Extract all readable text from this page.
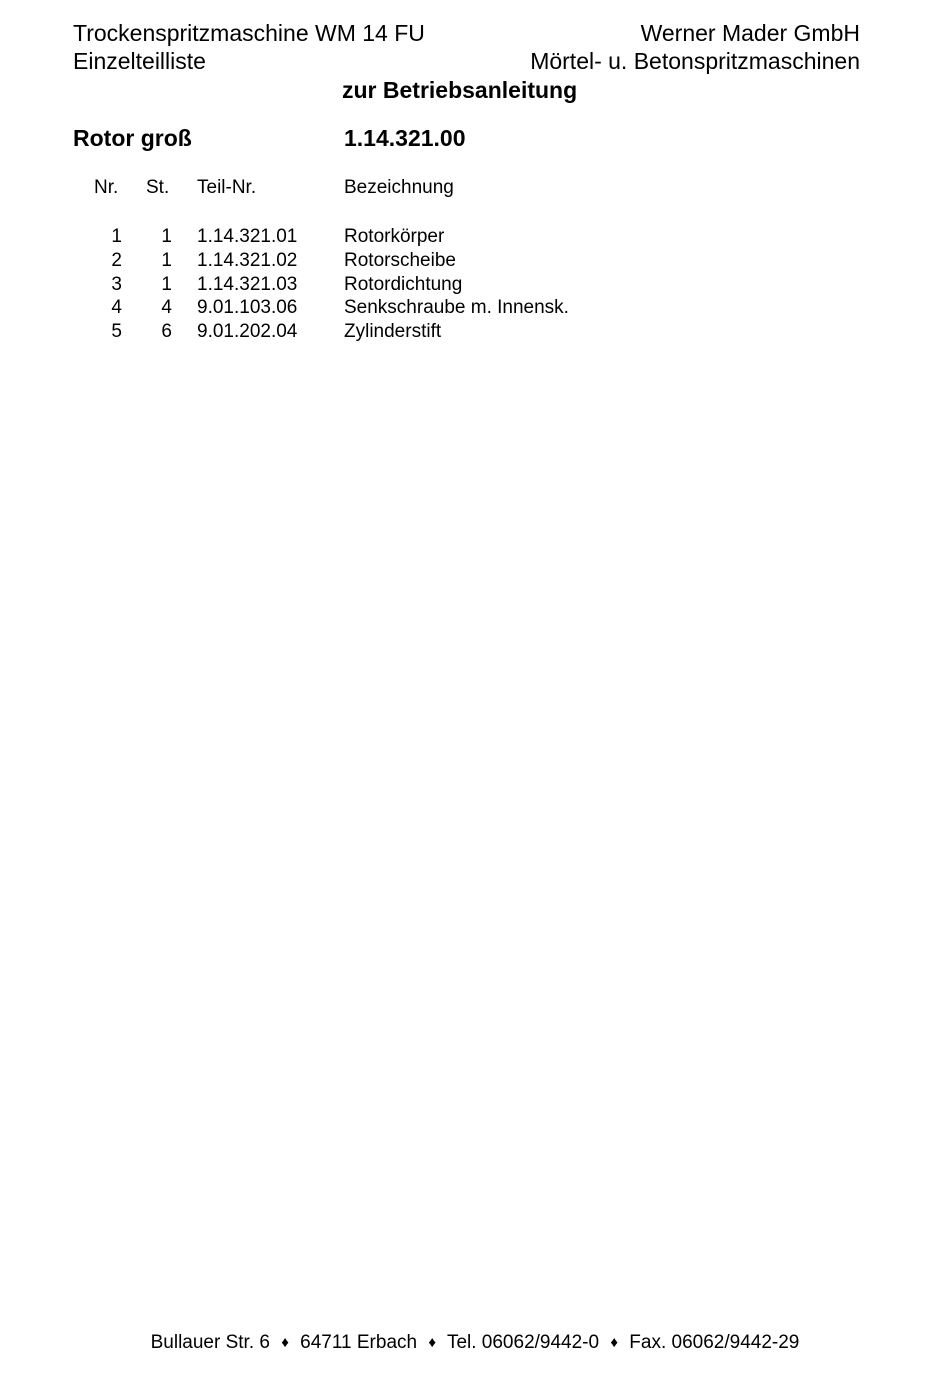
Trockenspritzmaschine WM 14 FU
Einzelteilliste
Werner Mader GmbH
Mörtel- u. Betonspritzmaschinen
zur Betriebsanleitung
Rotor groß	1.14.321.00
Nr. St. Teil-Nr.	Bezeichnung
1 1 1.14.321.01 Rotorkörper
2 1 1.14.321.02 Rotorscheibe
3 1 1.14.321.03 Rotordichtung
4 4 9.01.103.06 Senkschraube m. Innensk.
5 6 9.01.202.04 Zylinderstift
Bullauer Str. 6 ♦ 64711 Erbach ♦ Tel. 06062/9442-0 ♦ Fax. 06062/9442-29
